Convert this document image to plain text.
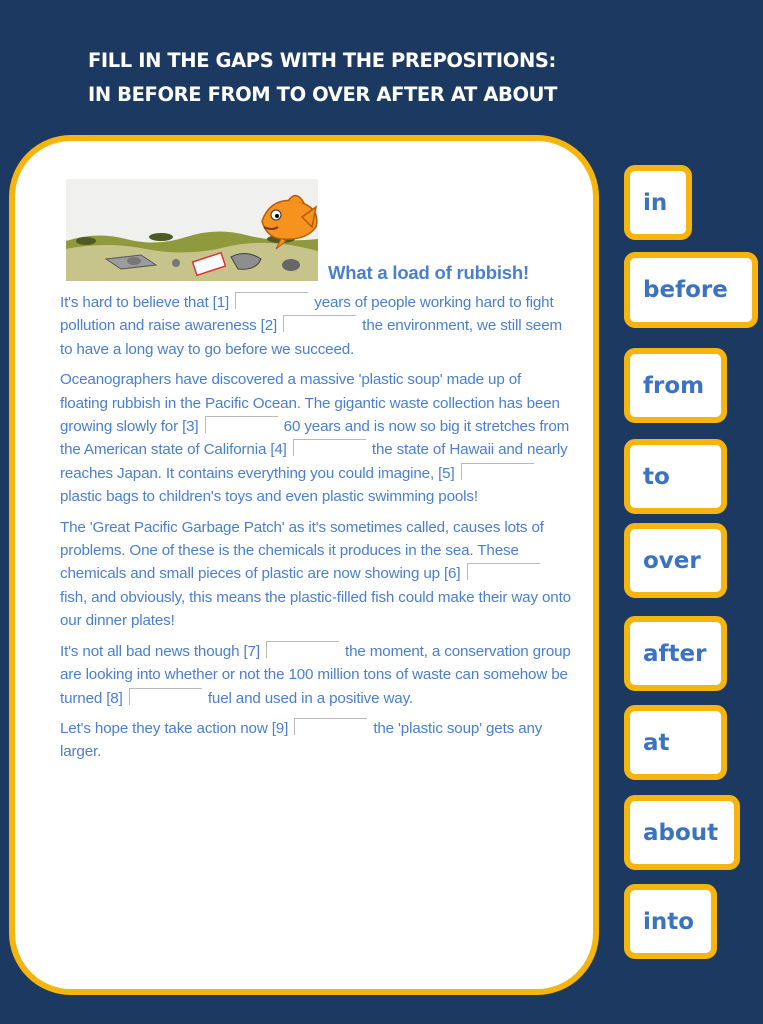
FILL IN THE GAPS WITH THE PREPOSITIONS:
IN BEFORE FROM TO OVER AFTER AT ABOUT
What a load of rubbish!

It's hard to believe that [1]	years of people working hard to fight pollution and raise awareness [2]	the environment, we still seem to have a long way to go before we succeed.

Oceanographers have discovered a massive 'plastic soup' made up of floating rubbish in the Pacific Ocean. The gigantic waste collection has been growing slowly for [3]	60 years and is now so big it stretches from the American state of California [4]	the state of Hawaii and nearly reaches Japan. It contains everything you could imagine, [5]  plastic bags to children's toys and even plastic swimming pools!

The 'Great Pacific Garbage Patch' as it's sometimes called, causes lots of problems. One of these is the chemicals it produces in the sea. These chemicals and small pieces of plastic are now showing up [6]  fish, and obviously, this means the plastic-filled fish could make their way onto our dinner plates!

It's not all bad news though [7]	the moment, a conservation group are looking into whether or not the 100 million tons of waste can somehow be turned [8]	fuel and used in a positive way.

Let's hope they take action now [9]	the 'plastic soup' gets any larger.

in
before
from
to
over
after
at
about
into
